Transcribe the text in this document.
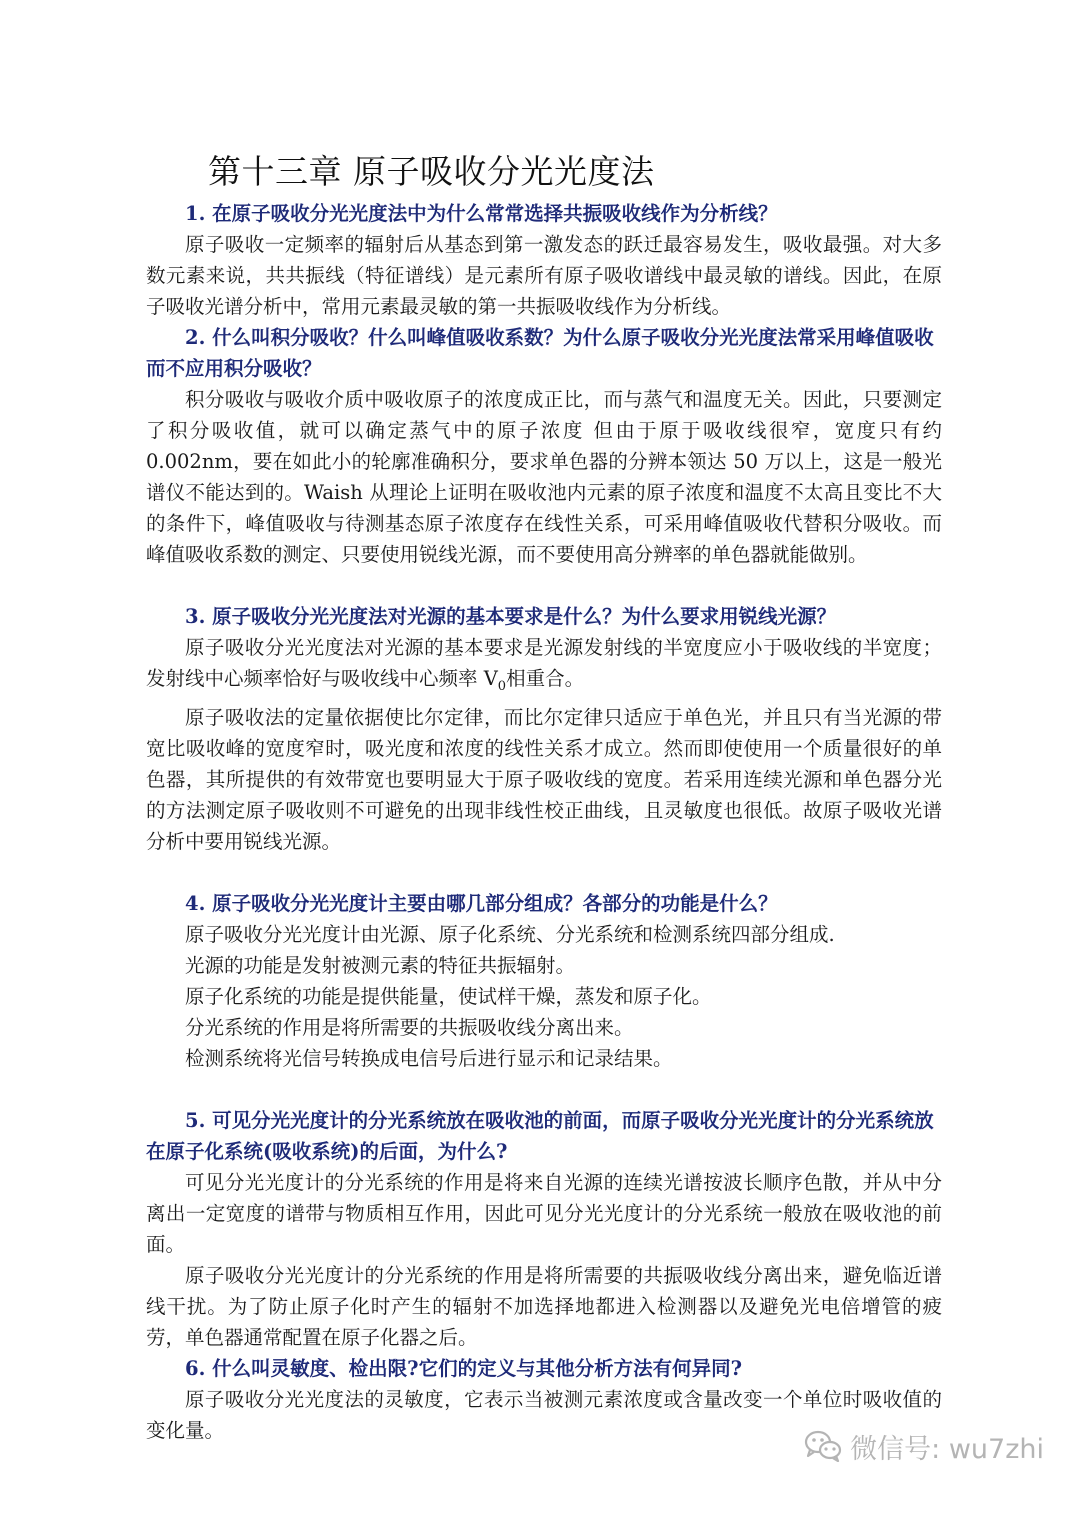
第十三章 原子吸收分光光度法

1. 在原子吸收分光光度法中为什么常常选择共振吸收线作为分析线？

原子吸收一定频率的辐射后从基态到第一激发态的跃迁最容易发生，吸收最强。对大多数元素来说，共共振线（特征谱线）是元素所有原子吸收谱线中最灵敏的谱线。因此，在原子吸收光谱分析中，常用元素最灵敏的第一共振吸收线作为分析线。

2. 什么叫积分吸收？什么叫峰值吸收系数？为什么原子吸收分光光度法常采用峰值吸收而不应用积分吸收？

积分吸收与吸收介质中吸收原子的浓度成正比，而与蒸气和温度无关。因此，只要测定了积分吸收值，就可以确定蒸气中的原子浓度 但由于原于吸收线很窄，宽度只有约 0.002nm，要在如此小的轮廓准确积分，要求单色器的分辨本领达 50 万以上，这是一般光谱仪不能达到的。Waish 从理论上证明在吸收池内元素的原子浓度和温度不太高且变比不大的条件下，峰值吸收与待测基态原子浓度存在线性关系，可采用峰值吸收代替积分吸收。而峰值吸收系数的测定、只要使用锐线光源，而不要使用高分辨率的单色器就能做别。

3. 原子吸收分光光度法对光源的基本要求是什么？为什么要求用锐线光源？

原子吸收分光光度法对光源的基本要求是光源发射线的半宽度应小于吸收线的半宽度；发射线中心频率恰好与吸收线中心频率 $V_0$相重合。

原子吸收法的定量依据使比尔定律，而比尔定律只适应于单色光，并且只有当光源的带宽比吸收峰的宽度窄时，吸光度和浓度的线性关系才成立。然而即使使用一个质量很好的单色器，其所提供的有效带宽也要明显大于原子吸收线的宽度。若采用连续光源和单色器分光的方法测定原子吸收则不可避免的出现非线性校正曲线，且灵敏度也很低。故原子吸收光谱分析中要用锐线光源。

4. 原子吸收分光光度计主要由哪几部分组成？各部分的功能是什么？

原子吸收分光光度计由光源、原子化系统、分光系统和检测系统四部分组成.

光源的功能是发射被测元素的特征共振辐射。

原子化系统的功能是提供能量，使试样干燥，蒸发和原子化。

分光系统的作用是将所需要的共振吸收线分离出来。

检测系统将光信号转换成电信号后进行显示和记录结果。

5. 可见分光光度计的分光系统放在吸收池的前面，而原子吸收分光光度计的分光系统放在原子化系统(吸收系统)的后面，为什么?

可见分光光度计的分光系统的作用是将来自光源的连续光谱按波长顺序色散，并从中分离出一定宽度的谱带与物质相互作用，因此可见分光光度计的分光系统一般放在吸收池的前面。

原子吸收分光光度计的分光系统的作用是将所需要的共振吸收线分离出来，避免临近谱线干扰。为了防止原子化时产生的辐射不加选择地都进入检测器以及避免光电倍增管的疲劳，单色器通常配置在原子化器之后。

6. 什么叫灵敏度、检出限?它们的定义与其他分析方法有何异同?

原子吸收分光光度法的灵敏度，它表示当被测元素浓度或含量改变一个单位时吸收值的变化量。

微信号: wu7zhi
